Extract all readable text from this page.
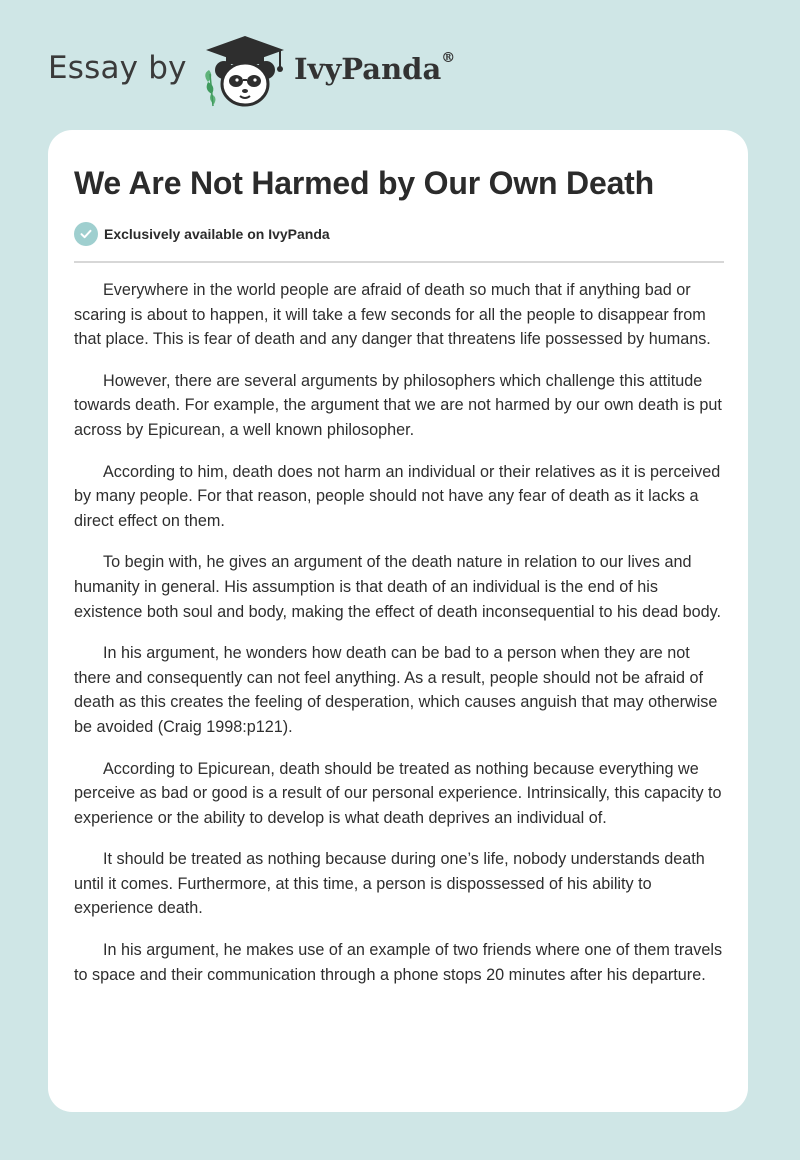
Essay by	IvyPanda®
We Are Not Harmed by Our Own Death
Exclusively available on IvyPanda

Everywhere in the world people are afraid of death so much that if anything bad or scaring is about to happen, it will take a few seconds for all the people to disappear from that place. This is fear of death and any danger that threatens life possessed by humans.

However, there are several arguments by philosophers which challenge this attitude towards death. For example, the argument that we are not harmed by our own death is put across by Epicurean, a well known philosopher.

According to him, death does not harm an individual or their relatives as it is perceived by many people. For that reason, people should not have any fear of death as it lacks a direct effect on them.

To begin with, he gives an argument of the death nature in relation to our lives and humanity in general. His assumption is that death of an individual is the end of his existence both soul and body, making the effect of death inconsequential to his dead body.

In his argument, he wonders how death can be bad to a person when they are not there and consequently can not feel anything. As a result, people should not be afraid of death as this creates the feeling of desperation, which causes anguish that may otherwise be avoided (Craig 1998:p121).

According to Epicurean, death should be treated as nothing because everything we perceive as bad or good is a result of our personal experience. Intrinsically, this capacity to experience or the ability to develop is what death deprives an individual of.

It should be treated as nothing because during one’s life, nobody understands death until it comes. Furthermore, at this time, a person is dispossessed of his ability to experience death.

In his argument, he makes use of an example of two friends where one of them travels to space and their communication through a phone stops 20 minutes after his departure.
